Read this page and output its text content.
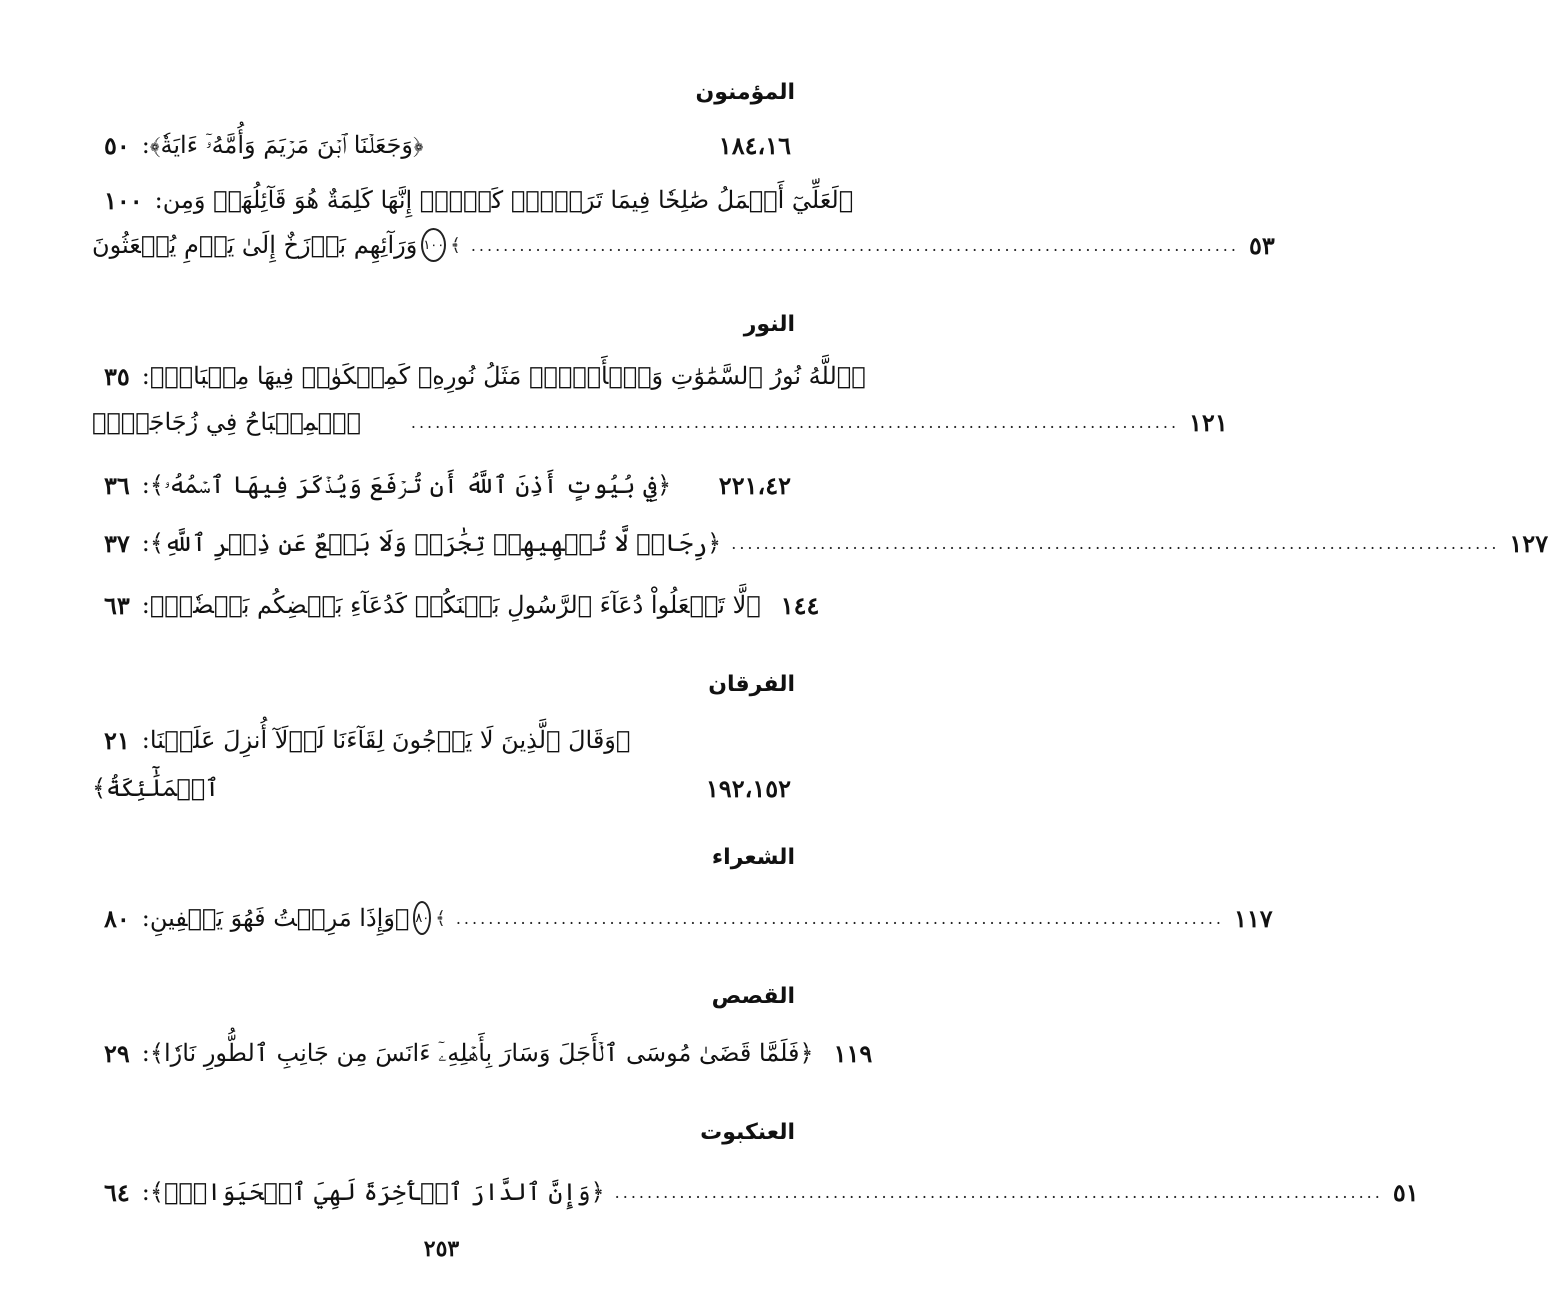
المؤمنون
٥٠ : ﴿وَجَعَلۡنَا ٱبۡنَ مَرۡيَمَ وَأُمَّهُۥٓ ءَايَةٗ﴾	١٨٤،١٦
١٠٠ : ﴿لَعَلِّيٓ أَعۡمَلُ صَٰلِحٗا فِيمَا تَرَكۡتُۚ كَلَّآۚ إِنَّهَا كَلِمَةٌ هُوَ قَآئِلُهَاۖ وَمِن
وَرَآئِهِم بَرۡزَخٌ إِلَىٰ يَوۡمِ يُبۡعَثُونَ ١٠٠ ﴾ ............................................................................................... ٥٣
النور
٣٥ : ﴿ٱللَّهُ نُورُ ٱلسَّمَٰوَٰتِ وَٱلۡأَرۡضِۚ مَثَلُ نُورِهِۦ كَمِشۡكَوٰةٖ فِيهَا مِصۡبَاحٌۖ
ٱلۡمِصۡبَاحُ فِي زُجَاجَةٍۖ﴾	............................................................................................... ١٢١
٣٦ : ﴿فِي بُيُوتٍ أَذِنَ ٱللَّهُ أَن تُرۡفَعَ وَيُذۡكَرَ فِيهَا ٱسۡمُهُۥ﴾ ٢٢١،٤٢
٣٧ : ﴿رِجَالٞ لَّا تُلۡهِيهِمۡ تِجَٰرَةٞ وَلَا بَيۡعٌ عَن ذِكۡرِ ٱللَّهِ﴾ ............................................................................................... ١٢٧
٦٣ : ﴿لَّا تَجۡعَلُواْ دُعَآءَ ٱلرَّسُولِ بَيۡنَكُمۡ كَدُعَآءِ بَعۡضِكُم بَعۡضٗاۚ﴾ ١٤٤
الفرقان
٢١ : ﴿وَقَالَ ٱلَّذِينَ لَا يَرۡجُونَ لِقَآءَنَا لَوۡلَآ أُنزِلَ عَلَيۡنَا
ٱلۡمَلَٰٓئِكَةُ﴾	١٩٢،١٥٢
الشعراء
٨٠ : ﴿وَإِذَا مَرِضۡتُ فَهُوَ يَشۡفِينِ ٨٠ ﴾ ............................................................................................... ١١٧
القصص
٢٩ : ﴿فَلَمَّا قَضَىٰ مُوسَى ٱلۡأَجَلَ وَسَارَ بِأَهۡلِهِۦٓ ءَانَسَ مِن جَانِبِ ٱلطُّورِ نَارٗا﴾ ١١٩
العنكبوت
٦٤ : ﴿وَإِنَّ ٱلدَّارَ ٱلۡأٓخِرَةَ لَهِيَ ٱلۡحَيَوَانُۚ﴾ ............................................................................................... ٥١
٢٥٣
